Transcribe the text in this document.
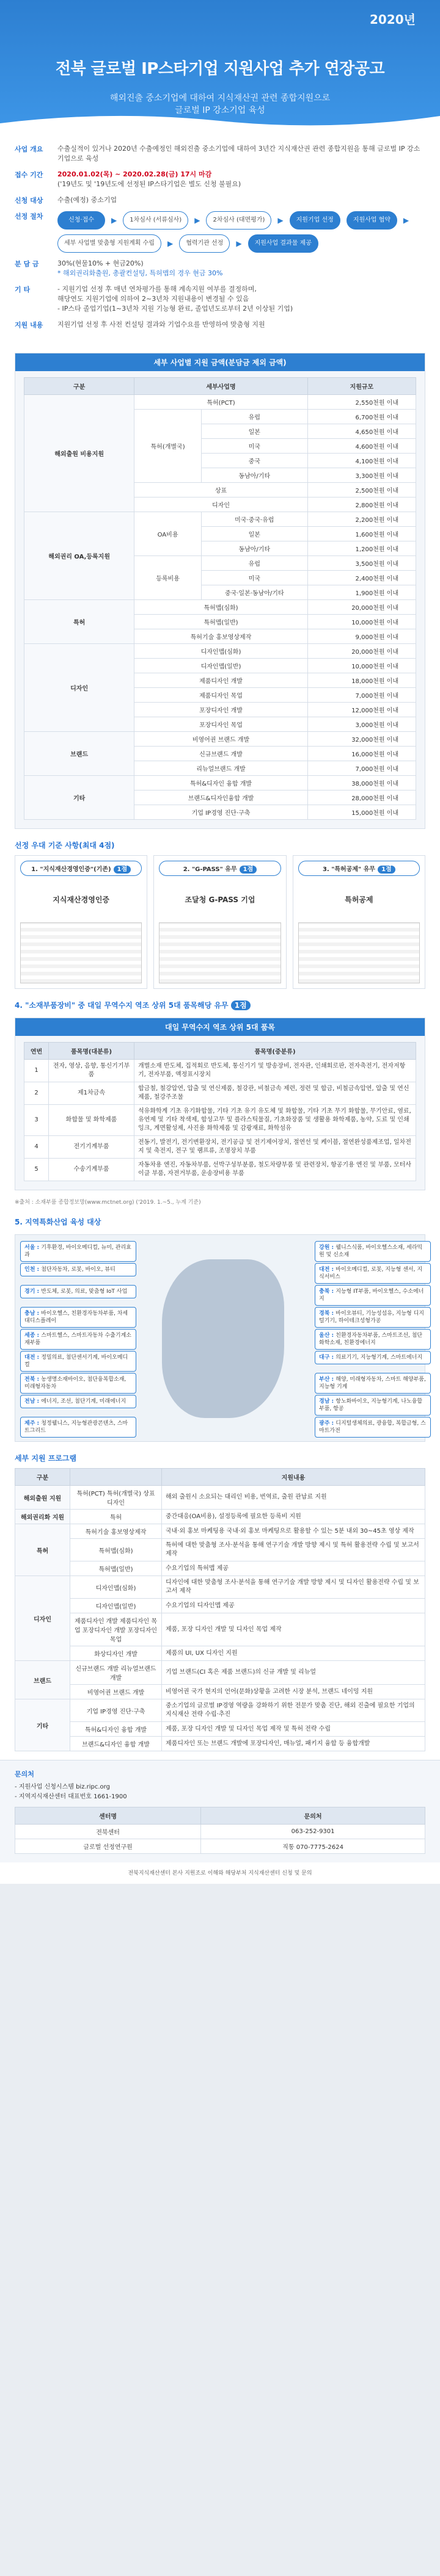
2020년
전북 글로벌 IP스타기업 지원사업 추가 연장공고
해외진출 중소기업에 대하여 지식재산권 관련 종합지원으로
글로벌 IP 강소기업 육성
사업 개요	수출실적이 있거나 2020년 수출예정인 해외진출 중소기업에 대하여 3년간 지식재산권 관련 종합지원을 통해 글로벌 IP 강소기업으로 육성
접수 기간	2020.01.02(목) ~ 2020.02.28(금) 17시 마감
('19년도 및 '19년도에 선정된 IP스타기업은 별도 신청 불필요)
신청 대상	수출(예정) 중소기업
선정 절차	신청·접수	▶	1차심사 (서류심사)	▶	2차심사 (대면평가)	▶	지원기업 선정	지원사업 협약	▶
세부 사업별 맞춤형 지원계획 수립	▶	협력기관 선정	▶	지원사업 결과물 제공
분 담 금	30%(현물10% + 현금20%)
* 해외권리화출원, 총괄컨설팅, 특허맵의 경우 현금 30%
기 타	- 지원기업 선정 후 매년 연차평가를 통해 계속지원 여부를 결정하며,
해당연도 지원기업에 의하여 2~3년차 지원내용이 변경될 수 있음
- IP스타 졸업기업(1~3년차 지원 기능형 완료, 졸업년도로부터 2년 이상된 기업)
지원 내용	지원기업 선정 후 사전 컨설팅 결과와 기업수요를 반영하여 맞춤형 지원
세부 사업별 지원 금액(분담금 제외 금액)
구분	세부사업명		지원규모
해외출원 비용지원	특허(PCT)		2,550천원 이내
	특허(개별국)	유럽	6,700천원 이내
		일본	4,650천원 이내
		미국	4,600천원 이내
		중국	4,100천원 이내
		동남아/기타	3,300천원 이내
	상표		2,500천원 이내
	디자인		2,800천원 이내
해외권리 OA,등록지원	OA비용	미국·중국·유럽	2,200천원 이내
		일본	1,600천원 이내
		동남아/기타	1,200천원 이내
	등록비용	유럽	3,500천원 이내
		미국	2,400천원 이내
		중국·일본·동남아/기타	1,900천원 이내
특허	특허맵(심화)		20,000천원 이내
	특허맵(일반)		10,000천원 이내
	특허기술 홍보영상제작		9,000천원 이내
디자인	디자인맵(심화)		20,000천원 이내
	디자인맵(일반)		10,000천원 이내
	제품디자인 개발		18,000천원 이내
	제품디자인 목업		7,000천원 이내
	포장디자인 개발		12,000천원 이내
	포장디자인 목업		3,000천원 이내
브랜드	비영어권 브랜드 개발		32,000천원 이내
	신규브랜드 개발		16,000천원 이내
	리뉴얼브랜드 개발		7,000천원 이내
기타	특허&디자인 융합 개발		38,000천원 이내
	브랜드&디자인융합 개발		28,000천원 이내
	기업 IP경영 진단·구축		15,000천원 이내
선정 우대 기준 사항(최대 4점)
1. "지식재산경영인증"(기존) 1점
지식재산경영인증
2. "G-PASS" 유무 1점
조달청 G-PASS 기업
3. "특허공제" 유무 1점
특허공제
4. "소재부품장비" 중 대일 무역수지 역조 상위 5대 품목해당 유무 1점
대일 무역수지 역조 상위 5대 품목
연번	품목명(대분류)	품목명(중분류)
1	전자, 영상, 음향, 통신기기부품	개별소재 반도체, 집적회로 반도체, 통신기기 및 방송장비, 전자관, 인쇄회로판, 전자축전기, 전자저항기, 전자부품, 액정표시장치
2	제1차금속	합금철, 철강압연, 압출 및 연신제품, 철강관, 비철금속 제련, 정련 및 합금, 비철금속압연, 압출 및 연신제품, 철강주조물
3	화합물 및 화학제품	석유화학계 기초 유기화합물, 기타 기초 유기 유도체 및 화합물, 기타 기초 무기 화합물, 무기안료, 염료, 유연제 및 기타 착색제, 합성고무 및 플라스틱물질, 기초화장품 및 생활용 화학제품, 농약, 도료 및 인쇄잉크, 계면활성제, 사진용 화학제품 및 감광재료, 화학섬유
4	전기기계부품	전동기, 발전기, 전기변환장치, 전기공급 및 전기제어장치, 절연선 및 케이블, 절연완성품제조업, 일차전지 및 축전지, 전구 및 램프류, 조명장치 부품
5	수송기계부품	자동차용 엔진, 자동차부품, 선박구성부분품, 철도차량부품 및 관련장치, 항공기용 엔진 및 부품, 모터사이클 부품, 자전거부품, 운송장비용 부품
※출처 : 소재부품 종합정보망(www.mctnet.org) ('2019. 1.~5., 누계 기준)
5. 지역특화산업 육성 대상
서울 : 기후환경, 바이오메디컬, 뉴미, 관리효과
인천 : 첨단자동차, 로봇, 바이오, 뷰티
경기 : 반도체, 로봇, 의료, 맞춤형 IoT 사업
충남 : 바이오헬스, 친환경자동차부품, 차세대디스플레이
세종 : 스마트헬스, 스마트자동차 수출기계소재부품
대전 : 정밀의료, 첨단센서기계, 바이오메디컬
전북 : 농생명소재바이오, 첨단융복합소재, 미래형자동차
전남 : 에너지, 조선, 첨단기계, 미래에너지
제주 : 청정웰니스, 지능형관광콘텐츠, 스마트그리드
강원 : 웰니스식품, 바이오헬스소재, 세라믹원 및 신소재
대전 : 바이오메디컬, 로봇, 지능형 센서, 지식서비스
충북 : 지능형 IT부품, 바이오헬스, 수소에너지
경북 : 바이오뷰티, 기능성섬유, 지능형 디지털기기, 하이테크성형가공
울산 : 친환경자동차부품, 스마트조선, 첨단화학소재, 친환경에너지
대구 : 의료기기, 지능형기계, 스마트에너지
부산 : 해양, 미래형자동차, 스마트 해양부품, 지능형 기계
경남 : 항노화바이오, 지능형기계, 나노융합부품, 항공
광주 : 디지털생체의료, 광융합, 복합금형, 스마트가전
세부 지원 프로그램
구분		지원내용
해외출원 지원	특허(PCT) 특허(개별국) 상표 디자인	해외 출원시 소요되는 대리인 비용, 번역료, 출원 관납료 지원
해외권리화 지원	특허	중간대응(OA비용), 설정등록에 필요한 등록비 지원
특허	특허기술 홍보영상제작	국내·외 홍보 마케팅용 국내·외 홍보 마케팅으로 활용할 수 있는 5분 내외 30~45초 영상 제작
	특허맵(심화)	특허에 대한 맞춤형 조사·분석을 통해 연구기술 개발 방향 제시 및 특허 활용전략 수립 및 보고서 제작
	특허맵(일반)	수요기업의 특허맵 제공
디자인	디자인맵(심화)	디자인에 대한 맞춤형 조사·분석을 통해 연구기술 개발 방향 제시 및 디자인 활용전략 수립 및 보고서 제작
	디자인맵(일반)	수요기업의 디자인맵 제공
	제품디자인 개발 제품디자인 목업 포장디자인 개발 포장디자인 목업	제품, 포장 디자인 개발 및 디자인 목업 제작
	화상디자인 개발	제품의 UI, UX 디자인 지원
브랜드	신규브랜드 개발 리뉴얼브랜드 개발	기업 브랜드(CI 혹은 제품 브랜드)의 신규 개발 및 리뉴얼
	비영어권 브랜드 개발	비영어권 국가 현지의 언어(문화)상황을 고려한 시장 분석, 브랜드 네이밍 지원
기타	기업 IP경영 진단·구축	중소기업의 글로벌 IP경영 역량을 강화하기 위한 전문가 맞춤 진단, 해외 진출에 필요한 기업의 지식재산 전략 수립·추진
	특허&디자인 융합 개발	제품, 포장 디자인 개발 및 디자인 목업 제작 및 특허 전략 수립
	브랜드&디자인 융합 개발	제품디자인 또는 브랜드 개발에 포장디자인, 매뉴얼, 패키지 융합 등 융합개발
문의처

- 지원사업 신청시스템 biz.ripc.org

- 지역지식재산센터 대표번호 1661-1900

센터명	문의처
전북센터	063-252-9301
글로벌 선정연구원	직통 070-7775-2624
전북지식재산센터 본사 지원조로 이해와 해당부처 지식재산센터 신청 및 문의
